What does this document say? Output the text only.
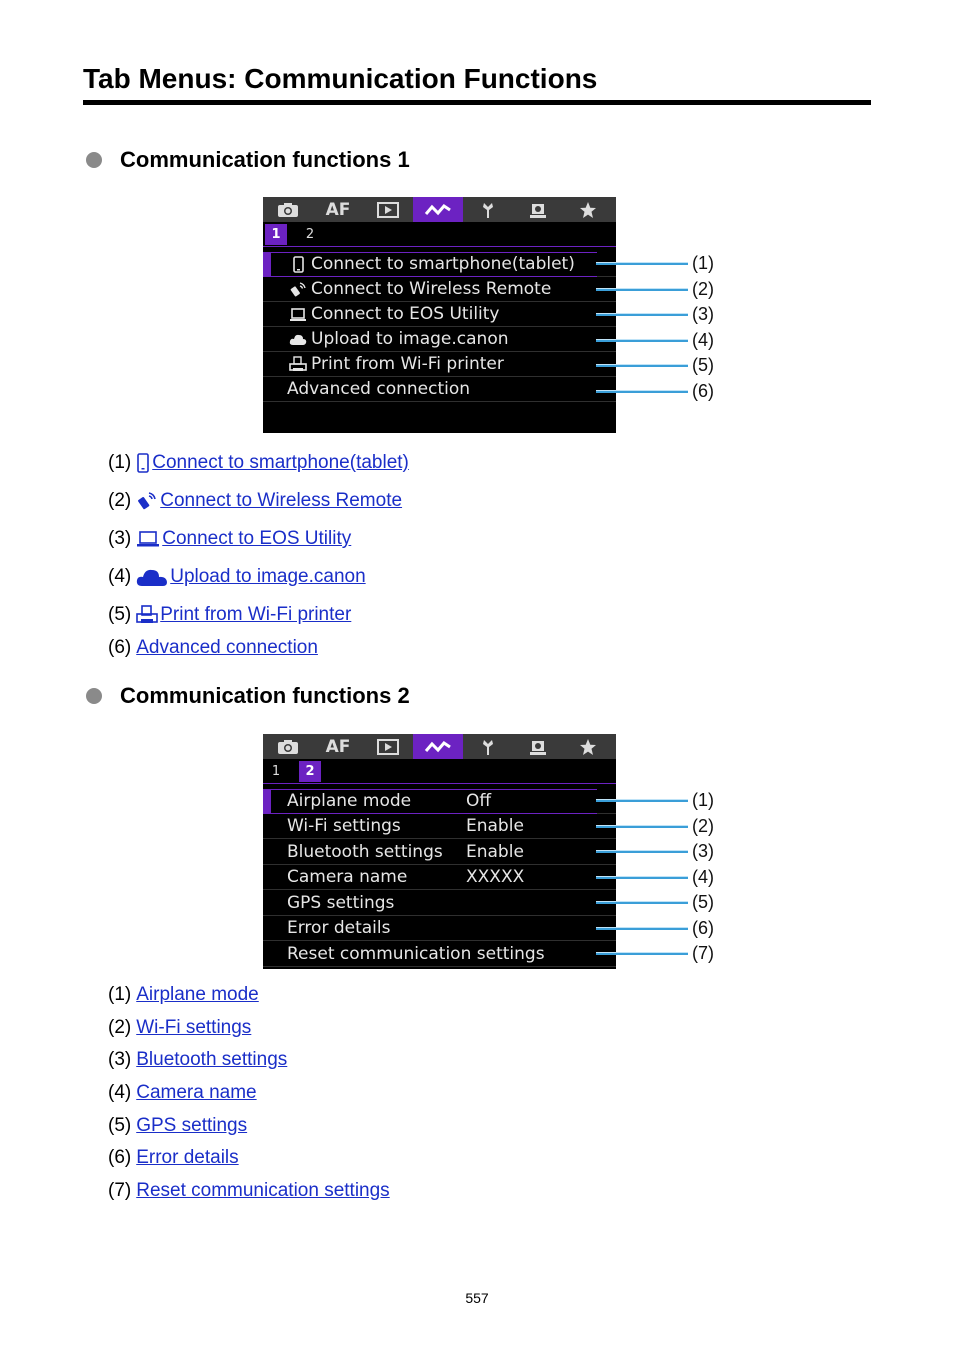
Tab Menus: Communication Functions
Communication functions 1
AF
1	2
Connect to smartphone(tablet)
Connect to Wireless Remote
Connect to EOS Utility
Upload to image.canon
Print from Wi-Fi printer
Advanced connection
(1)
(2)
(3)
(4)
(5)
(6)
(1) Connect to smartphone(tablet)
(2) Connect to Wireless Remote
(3) Connect to EOS Utility
(4) Upload to image.canon
(5) Print from Wi-Fi printer
(6) Advanced connection
Communication functions 2
AF
1	2
Airplane mode	Off
Wi-Fi settings	Enable
Bluetooth settings Enable
Camera name	XXXXX
GPS settings
Error details
Reset communication settings
(1)
(2)
(3)
(4)
(5)
(6)
(7)
(1) Airplane mode
(2) Wi-Fi settings
(3) Bluetooth settings
(4) Camera name
(5) GPS settings
(6) Error details
(7) Reset communication settings
557
